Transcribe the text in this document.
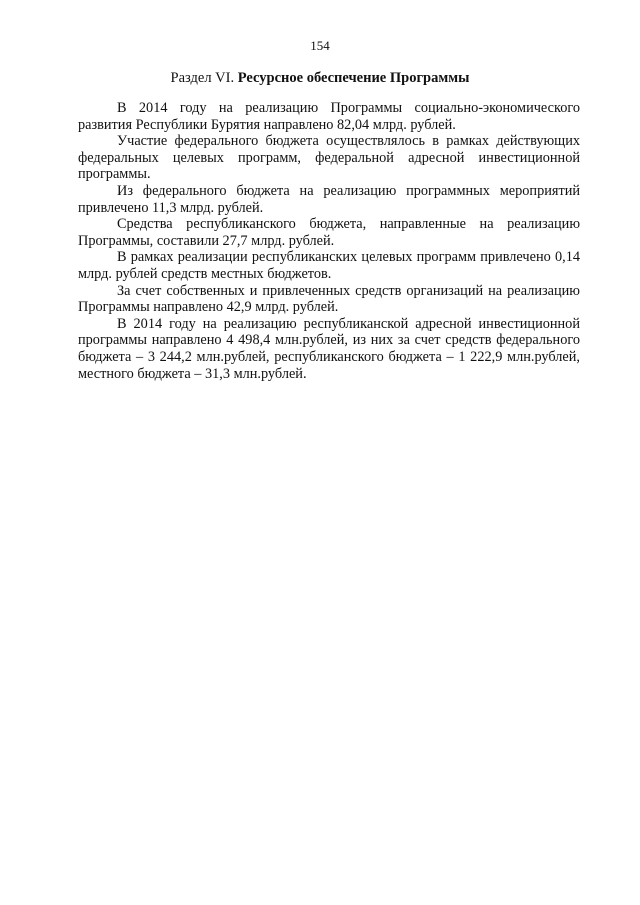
154
Раздел VI. Ресурсное обеспечение Программы

В 2014 году на реализацию Программы социально-экономического развития Республики Бурятия направлено 82,04 млрд. рублей.

Участие федерального бюджета осуществлялось в рамках действующих федеральных целевых программ, федеральной адресной инвестиционной программы.

Из федерального бюджета на реализацию программных мероприятий привлечено 11,3 млрд. рублей.

Средства республиканского бюджета, направленные на реализацию Программы, составили 27,7 млрд. рублей.

В рамках реализации республиканских целевых программ привлечено 0,14 млрд. рублей средств местных бюджетов.

За счет собственных и привлеченных средств организаций на реализацию Программы направлено 42,9 млрд. рублей.

В 2014 году на реализацию республиканской адресной инвестиционной программы направлено 4 498,4 млн.рублей, из них за счет средств федерального бюджета – 3 244,2 млн.рублей, республиканского бюджета – 1 222,9 млн.рублей, местного бюджета – 31,3 млн.рублей.
